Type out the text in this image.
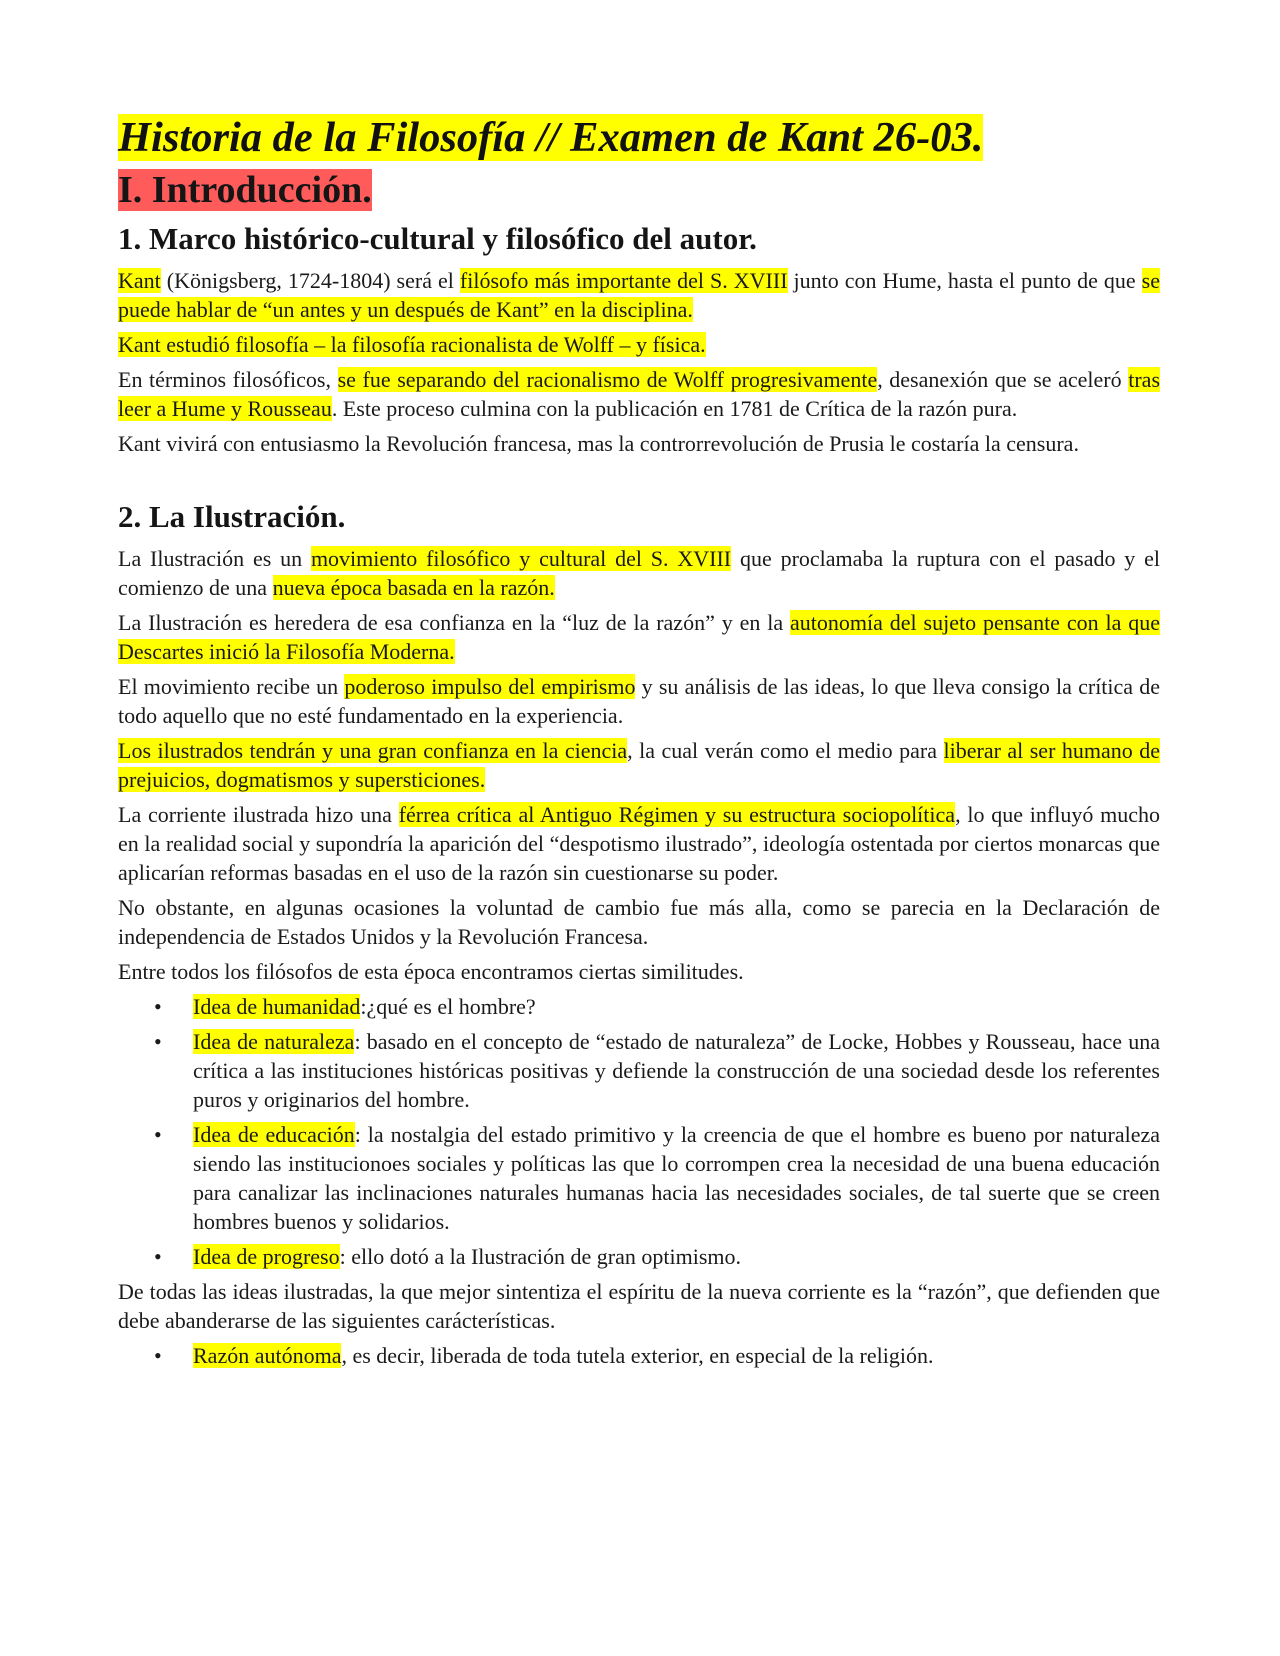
Historia de la Filosofía // Examen de Kant 26-03.
I. Introducción.
1. Marco histórico-cultural y filosófico del autor.

Kant (Königsberg, 1724-1804) será el filósofo más importante del S. XVIII junto con Hume, hasta el punto de que se puede hablar de “un antes y un después de Kant” en la disciplina.

Kant estudió filosofía – la filosofía racionalista de Wolff – y física.

En términos filosóficos, se fue separando del racionalismo de Wolff progresivamente, desanexión que se aceleró tras leer a Hume y Rousseau. Este proceso culmina con la publicación en 1781 de Crítica de la razón pura.

Kant vivirá con entusiasmo la Revolución francesa, mas la controrrevolución de Prusia le costaría la censura.

2. La Ilustración.

La Ilustración es un movimiento filosófico y cultural del S. XVIII que proclamaba la ruptura con el pasado y el comienzo de una nueva época basada en la razón.

La Ilustración es heredera de esa confianza en la “luz de la razón” y en la autonomía del sujeto pensante con la que Descartes inició la Filosofía Moderna.

El movimiento recibe un poderoso impulso del empirismo y su análisis de las ideas, lo que lleva consigo la crítica de todo aquello que no esté fundamentado en la experiencia.

Los ilustrados tendrán y una gran confianza en la ciencia, la cual verán como el medio para liberar al ser humano de prejuicios, dogmatismos y supersticiones.

La corriente ilustrada hizo una férrea crítica al Antiguo Régimen y su estructura sociopolítica, lo que influyó mucho en la realidad social y supondría la aparición del “despotismo ilustrado”, ideología ostentada por ciertos monarcas que aplicarían reformas basadas en el uso de la razón sin cuestionarse su poder.

No obstante, en algunas ocasiones la voluntad de cambio fue más alla, como se parecia en la Declaración de independencia de Estados Unidos y la Revolución Francesa.

Entre todos los filósofos de esta época encontramos ciertas similitudes.

• Idea de humanidad:¿qué es el hombre?
• Idea de naturaleza: basado en el concepto de “estado de naturaleza” de Locke, Hobbes y Rousseau, hace una crítica a las instituciones históricas positivas y defiende la construcción de una sociedad desde los referentes puros y originarios del hombre.
• Idea de educación: la nostalgia del estado primitivo y la creencia de que el hombre es bueno por naturaleza siendo las institucionoes sociales y políticas las que lo corrompen crea la necesidad de una buena educación para canalizar las inclinaciones naturales humanas hacia las necesidades sociales, de tal suerte que se creen hombres buenos y solidarios.
• Idea de progreso: ello dotó a la Ilustración de gran optimismo.

De todas las ideas ilustradas, la que mejor sintentiza el espíritu de la nueva corriente es la “razón”, que defienden que debe abanderarse de las siguientes carácterísticas.

• Razón autónoma, es decir, liberada de toda tutela exterior, en especial de la religión.
